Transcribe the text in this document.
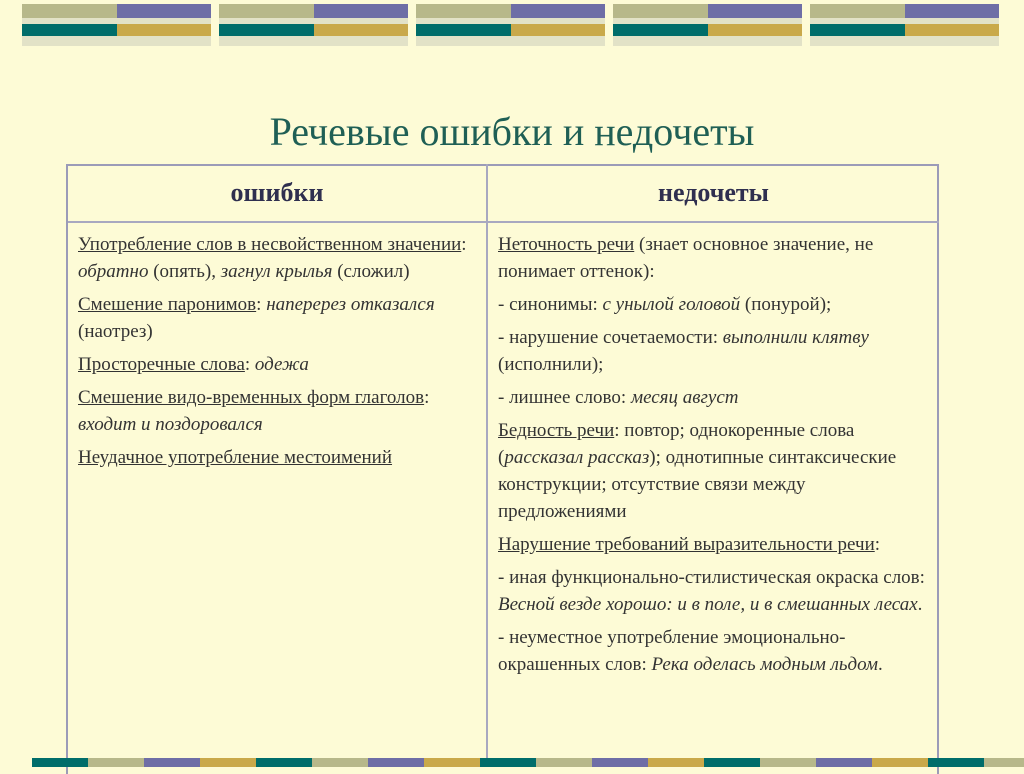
Речевые ошибки и недочеты
ошибки	недочеты

Употребление слов в несвойственном значении: обратно (опять), загнул крылья (сложил)

Смешение паронимов: наперерез отказался (наотрез)

Просторечные слова: одежа

Смешение видо-временных форм глаголов: входит и поздоровался

Неудачное употребление местоимений

Неточность речи (знает основное значение, не понимает оттенок):

- синонимы: с унылой головой (понурой);

- нарушение сочетаемости: выполнили клятву (исполнили);

- лишнее слово: месяц август

Бедность речи: повтор; однокоренные слова (рассказал рассказ); однотипные синтаксические конструкции; отсутствие связи между предложениями

Нарушение требований выразительности речи:

- иная функционально-стилистическая окраска слов: Весной везде хорошо: и в поле, и в смешанных лесах.

- неуместное употребление эмоционально-окрашенных слов: Река оделась модным льдом.
